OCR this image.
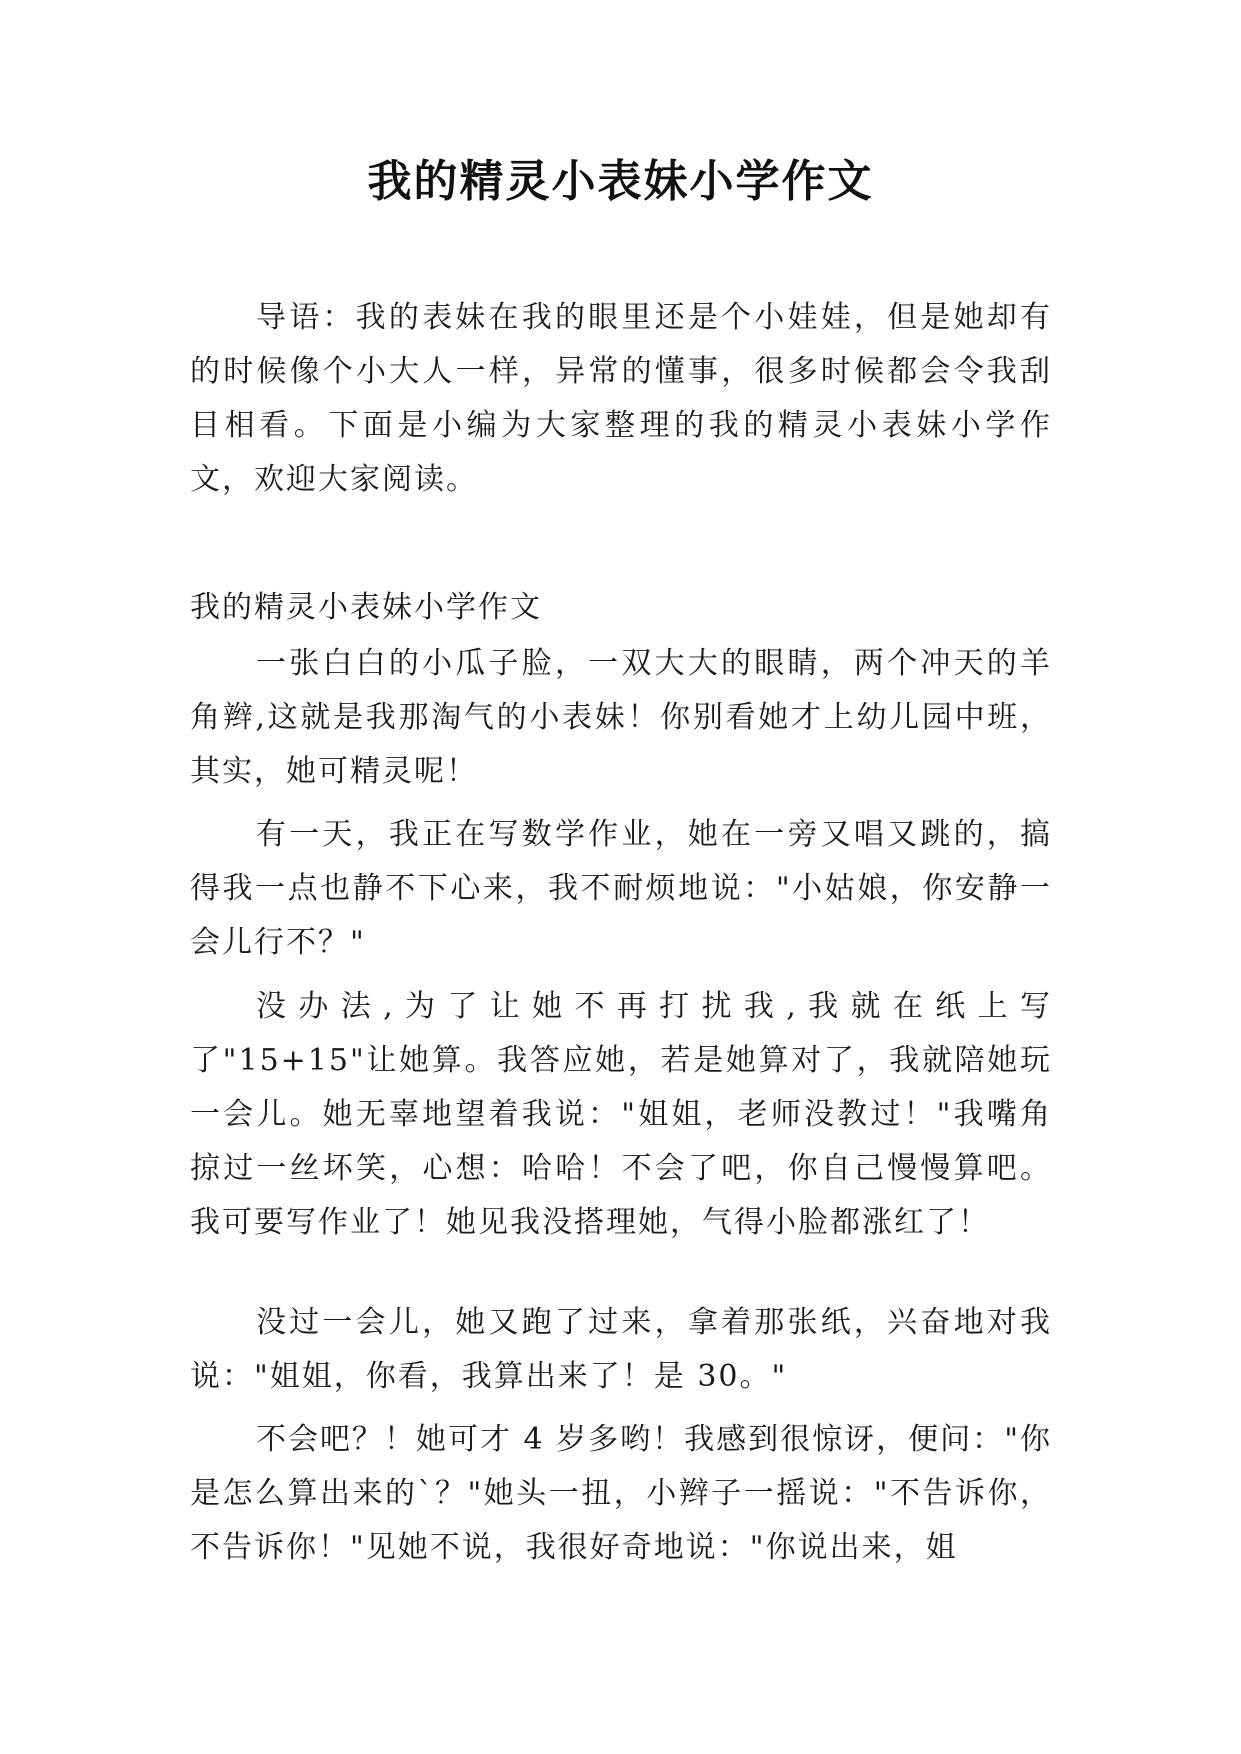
我的精灵小表妹小学作文

导语：我的表妹在我的眼里还是个小娃娃，但是她却有的时候像个小大人一样，异常的懂事，很多时候都会令我刮目相看。下面是小编为大家整理的我的精灵小表妹小学作文，欢迎大家阅读。

我的精灵小表妹小学作文

一张白白的小瓜子脸，一双大大的眼睛，两个冲天的羊角辫,这就是我那淘气的小表妹！你别看她才上幼儿园中班，其实，她可精灵呢！

有一天，我正在写数学作业，她在一旁又唱又跳的，搞得我一点也静不下心来，我不耐烦地说："小姑娘，你安静一会儿行不？"

没办法,为了让她不再打扰我,我就在纸上写了"15+15"让她算。我答应她，若是她算对了，我就陪她玩一会儿。她无辜地望着我说："姐姐，老师没教过！"我嘴角掠过一丝坏笑，心想：哈哈！不会了吧，你自己慢慢算吧。我可要写作业了！她见我没搭理她，气得小脸都涨红了！

没过一会儿，她又跑了过来，拿着那张纸，兴奋地对我说："姐姐，你看，我算出来了！是 30。"

不会吧？！她可才 4 岁多哟！我感到很惊讶，便问："你是怎么算出来的`？"她头一扭，小辫子一摇说："不告诉你，不告诉你！"见她不说，我很好奇地说："你说出来，姐
